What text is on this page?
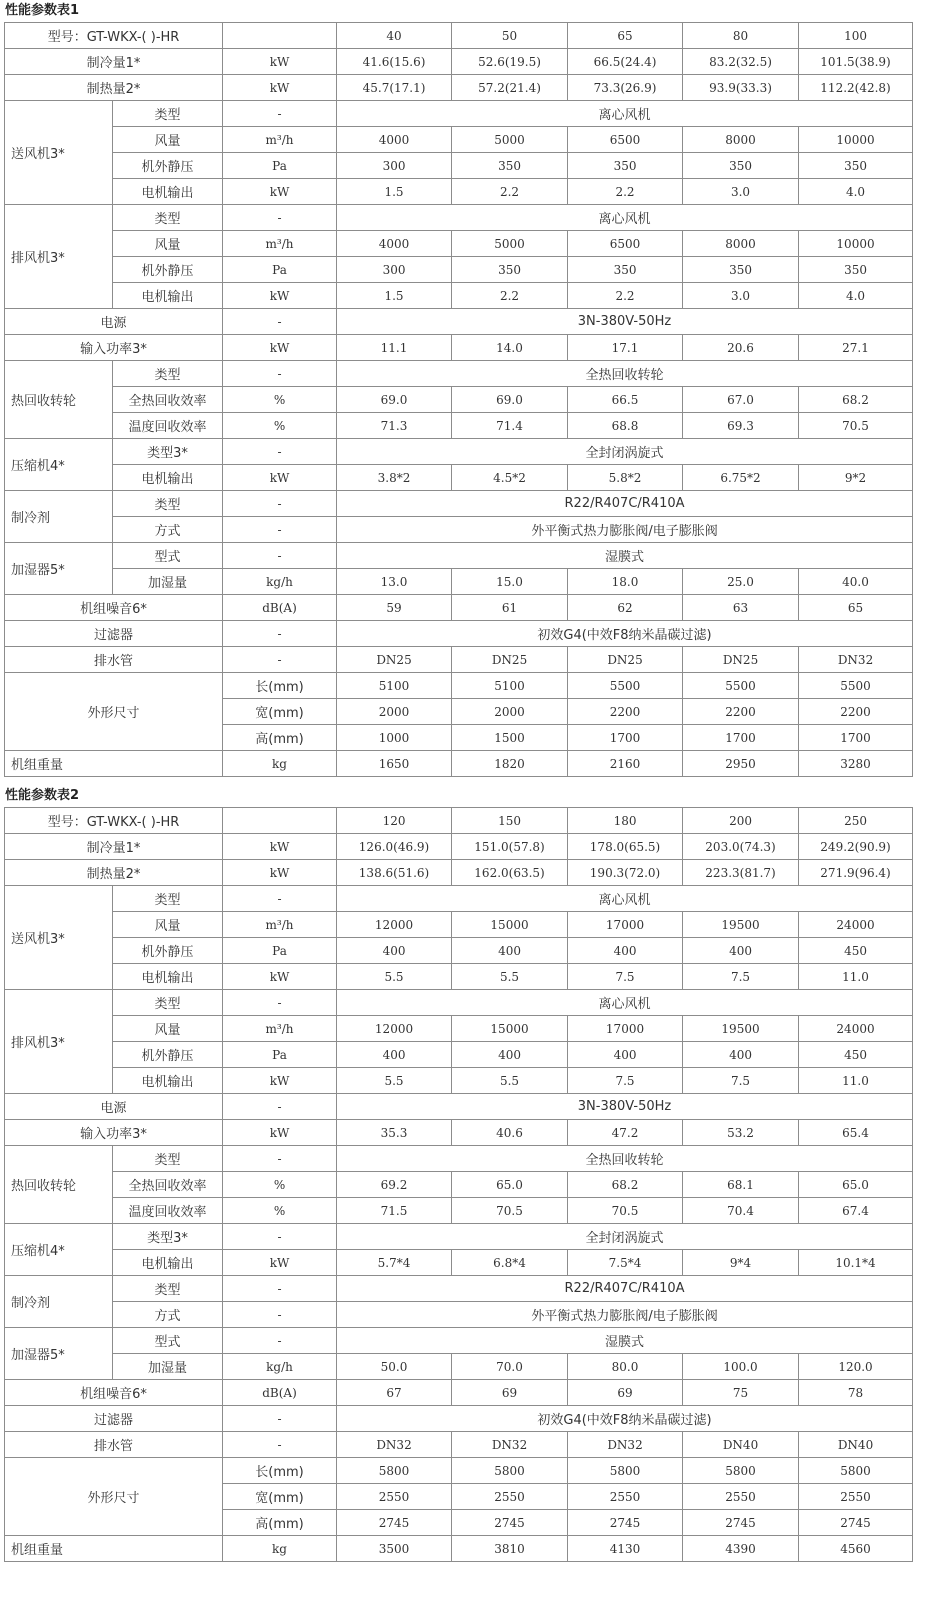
性能参数表1
型号：GT-WKX-( )-HR			40	50	65	80	100
制冷量1*		kW	41.6(15.6)	52.6(19.5)	66.5(24.4)	83.2(32.5)	101.5(38.9)
制热量2*		kW	45.7(17.1)	57.2(21.4)	73.3(26.9)	93.9(33.3)	112.2(42.8)
送风机3*	类型	-	离心风机				
	风量	m³/h	4000	5000	6500	8000	10000
	机外静压	Pa	300	350	350	350	350
	电机输出	kW	1.5	2.2	2.2	3.0	4.0
排风机3*	类型	-	离心风机				
	风量	m³/h	4000	5000	6500	8000	10000
	机外静压	Pa	300	350	350	350	350
	电机输出	kW	1.5	2.2	2.2	3.0	4.0
电源		-	3N-380V-50Hz				
输入功率3*		kW	11.1	14.0	17.1	20.6	27.1
热回收转轮	类型	-	全热回收转轮				
	全热回收效率	%	69.0	69.0	66.5	67.0	68.2
	温度回收效率	%	71.3	71.4	68.8	69.3	70.5
压缩机4*	类型3*	-	全封闭涡旋式				
	电机输出	kW	3.8*2	4.5*2	5.8*2	6.75*2	9*2
制冷剂	类型	-	R22/R407C/R410A				
	方式	-	外平衡式热力膨胀阀/电子膨胀阀				
加湿器5*	型式	-	湿膜式				
	加湿量	kg/h	13.0	15.0	18.0	25.0	40.0
机组噪音6*		dB(A)	59	61	62	63	65
过滤器		-	初效G4(中效F8纳米晶碳过滤)				
排水管		-	DN25	DN25	DN25	DN25	DN32
外形尺寸		长(mm)	5100	5100	5500	5500	5500
		宽(mm)	2000	2000	2200	2200	2200
		高(mm)	1000	1500	1700	1700	1700
机组重量		kg	1650	1820	2160	2950	3280
性能参数表2
型号：GT-WKX-( )-HR			120	150	180	200	250
制冷量1*		kW	126.0(46.9)	151.0(57.8)	178.0(65.5)	203.0(74.3)	249.2(90.9)
制热量2*		kW	138.6(51.6)	162.0(63.5)	190.3(72.0)	223.3(81.7)	271.9(96.4)
送风机3*	类型	-	离心风机				
	风量	m³/h	12000	15000	17000	19500	24000
	机外静压	Pa	400	400	400	400	450
	电机输出	kW	5.5	5.5	7.5	7.5	11.0
排风机3*	类型	-	离心风机				
	风量	m³/h	12000	15000	17000	19500	24000
	机外静压	Pa	400	400	400	400	450
	电机输出	kW	5.5	5.5	7.5	7.5	11.0
电源		-	3N-380V-50Hz				
输入功率3*		kW	35.3	40.6	47.2	53.2	65.4
热回收转轮	类型	-	全热回收转轮				
	全热回收效率	%	69.2	65.0	68.2	68.1	65.0
	温度回收效率	%	71.5	70.5	70.5	70.4	67.4
压缩机4*	类型3*	-	全封闭涡旋式				
	电机输出	kW	5.7*4	6.8*4	7.5*4	9*4	10.1*4
制冷剂	类型	-	R22/R407C/R410A				
	方式	-	外平衡式热力膨胀阀/电子膨胀阀				
加湿器5*	型式	-	湿膜式				
	加湿量	kg/h	50.0	70.0	80.0	100.0	120.0
机组噪音6*		dB(A)	67	69	69	75	78
过滤器		-	初效G4(中效F8纳米晶碳过滤)				
排水管		-	DN32	DN32	DN32	DN40	DN40
外形尺寸		长(mm)	5800	5800	5800	5800	5800
		宽(mm)	2550	2550	2550	2550	2550
		高(mm)	2745	2745	2745	2745	2745
机组重量		kg	3500	3810	4130	4390	4560
